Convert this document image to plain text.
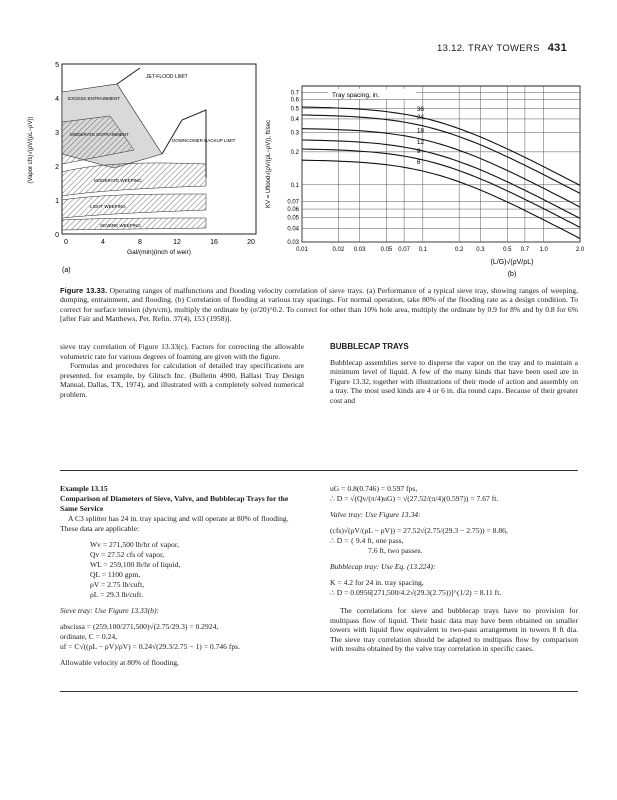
13.12. TRAY TOWERS 431
JET-FLOOD LIMIT
EXCESS ENTRAINMENT
MODERATE ENTRAINMENT
DOWNCOMER BACKUP LIMIT
MODERATE WEEPING
LIGHT WEEPING
SEVERE WEEPING
5
4
3
2
1
0
0	4	8	12	16	20
Gal/(min)(inch of weir)
(Vapor cfs)√(ρV/(ρL−ρV))
(a)
36
24
18
12
9
6
Tray spacing, in.
0.7
0.6
0.5
0.4
0.3
0.2
0.1
0.07
0.06
0.05
0.04
0.03
0.01	0.02 0.03	0.05 0.07 0.1	0.2 0.3	0.5 0.7 1.0	2.0
(L/G)√(ρV/ρL)
KV = Uflood√(ρV/(ρL−ρV)), ft/sec
(b)
Figure 13.33. Operating ranges of malfunctions and flooding velocity correlation of sieve trays. (a) Performance of a typical sieve tray, showing ranges of weeping, dumping, entrainment, and flooding. (b) Correlation of flooding at various tray spacings. For normal operation, take 80% of the flooding rate as a design condition. To correct for surface tension (dyn/cm), multiply the ordinate by (σ/20)^0.2. To correct for other than 10% hole area, multiply the ordinate by 0.9 for 8% and by 0.8 for 6% [after Fair and Matthews, Pet. Refin. 37(4), 153 (1958)].
sieve tray correlation of Figure 13.33(c). Factors for correcting the allowable volumetric rate for various degrees of foaming are given with the figure.
Formulas and procedures for calculation of detailed tray specifications are presented, for example, by Glitsch Inc. (Bulletin 4900, Ballast Tray Design Manual, Dallas, TX, 1974), and illustrated with a completely solved numerical problem.
BUBBLECAP TRAYS
Bubblecap assemblies serve to disperse the vapor on the tray and to maintain a minimum level of liquid. A few of the many kinds that have been used are in Figure 13.32, together with illustrations of their mode of action and assembly on a tray. The most used kinds are 4 or 6 in. dia round caps. Because of their greater cost and
Example 13.15
Comparison of Diameters of Sieve, Valve, and Bubblecap Trays for the Same Service
A C3 splitter has 24 in. tray spacing and will operate at 80% of flooding. These data are applicable:
Wv = 271,500 lb/hr of vapor,
Qv = 27.52 cfs of vapor,
WL = 259,100 lb/hr of liquid,
QL = 1100 gpm,
ρV = 2.75 lb/cuft,
ρL = 29.3 lb/cuft.
Sieve tray: Use Figure 13.33(b):
abscissa = (259,100/271,500)√(2.75/29.3) = 0.2924,
ordinate, C = 0.24,
uf = C√((ρL − ρV)/ρV) = 0.24√(29.3/2.75 − 1) = 0.746 fps.
Allowable velocity at 80% of flooding,
uG = 0.8(0.746) = 0.597 fps,
∴ D = √(Qv/(π/4)uG) = √(27.52/(π/4)(0.597)) = 7.67 ft.
Valve tray: Use Figure 13.34:
(cfs)√(ρV/(ρL − ρV)) = 27.52√(2.75/(29.3 − 2.75)) = 8.86,
∴ D = { 9.4 ft, one pass,
7.6 ft, two passes.
Bubblecap tray: Use Eq. (13.224):
K = 4.2 for 24 in. tray spacing,
∴ D = 0.0956[271,500/4.2√(29.3(2.75))]^(1/2) = 8.11 ft.
The correlations for sieve and bubblecap trays have no provision for multipass flow of liquid. Their basic data may have been obtained on smaller towers with liquid flow equivalent to two-pass arrangement in towers 8 ft dia. The sieve tray correlation should be adapted to multipass flow by comparison with results obtained by the valve tray correlation in specific cases.
